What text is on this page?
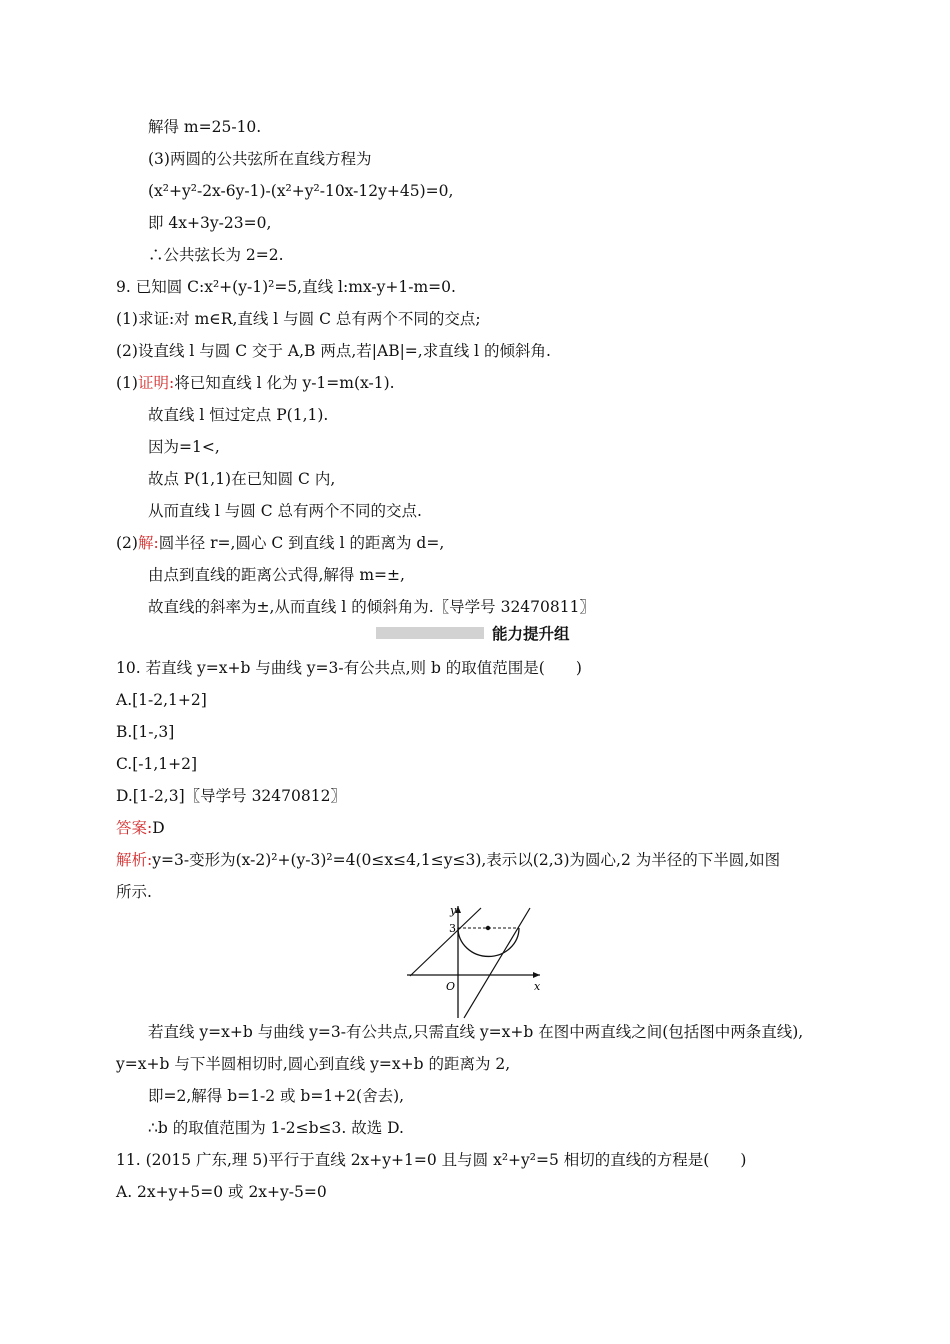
解得 m=25-10.
(3)两圆的公共弦所在直线方程为
(x²+y²-2x-6y-1)-(x²+y²-10x-12y+45)=0,
即 4x+3y-23=0,
∴公共弦长为 2=2.
9. 已知圆 C:x²+(y-1)²=5,直线 l:mx-y+1-m=0.
(1)求证:对 m∈R,直线 l 与圆 C 总有两个不同的交点;
(2)设直线 l 与圆 C 交于 A,B 两点,若|AB|=,求直线 l 的倾斜角.
(1)证明:将已知直线 l 化为 y-1=m(x-1).
故直线 l 恒过定点 P(1,1).
因为=1<,
故点 P(1,1)在已知圆 C 内,
从而直线 l 与圆 C 总有两个不同的交点.
(2)解:圆半径 r=,圆心 C 到直线 l 的距离为 d=,
由点到直线的距离公式得,解得 m=±,
故直线的斜率为±,从而直线 l 的倾斜角为.〖导学号 32470811〗
能力提升组
10. 若直线 y=x+b 与曲线 y=3-有公共点,则 b 的取值范围是(　　)
A.[1-2,1+2]
B.[1-,3]
C.[-1,1+2]
D.[1-2,3]〖导学号 32470812〗
答案:D
解析:y=3-变形为(x-2)²+(y-3)²=4(0≤x≤4,1≤y≤3),表示以(2,3)为圆心,2 为半径的下半圆,如图
所示.
x
y
O
3
若直线 y=x+b 与曲线 y=3-有公共点,只需直线 y=x+b 在图中两直线之间(包括图中两条直线),
y=x+b 与下半圆相切时,圆心到直线 y=x+b 的距离为 2,
即=2,解得 b=1-2 或 b=1+2(舍去),
∴b 的取值范围为 1-2≤b≤3. 故选 D.
11. (2015 广东,理 5)平行于直线 2x+y+1=0 且与圆 x²+y²=5 相切的直线的方程是(　　)
A. 2x+y+5=0 或 2x+y-5=0
